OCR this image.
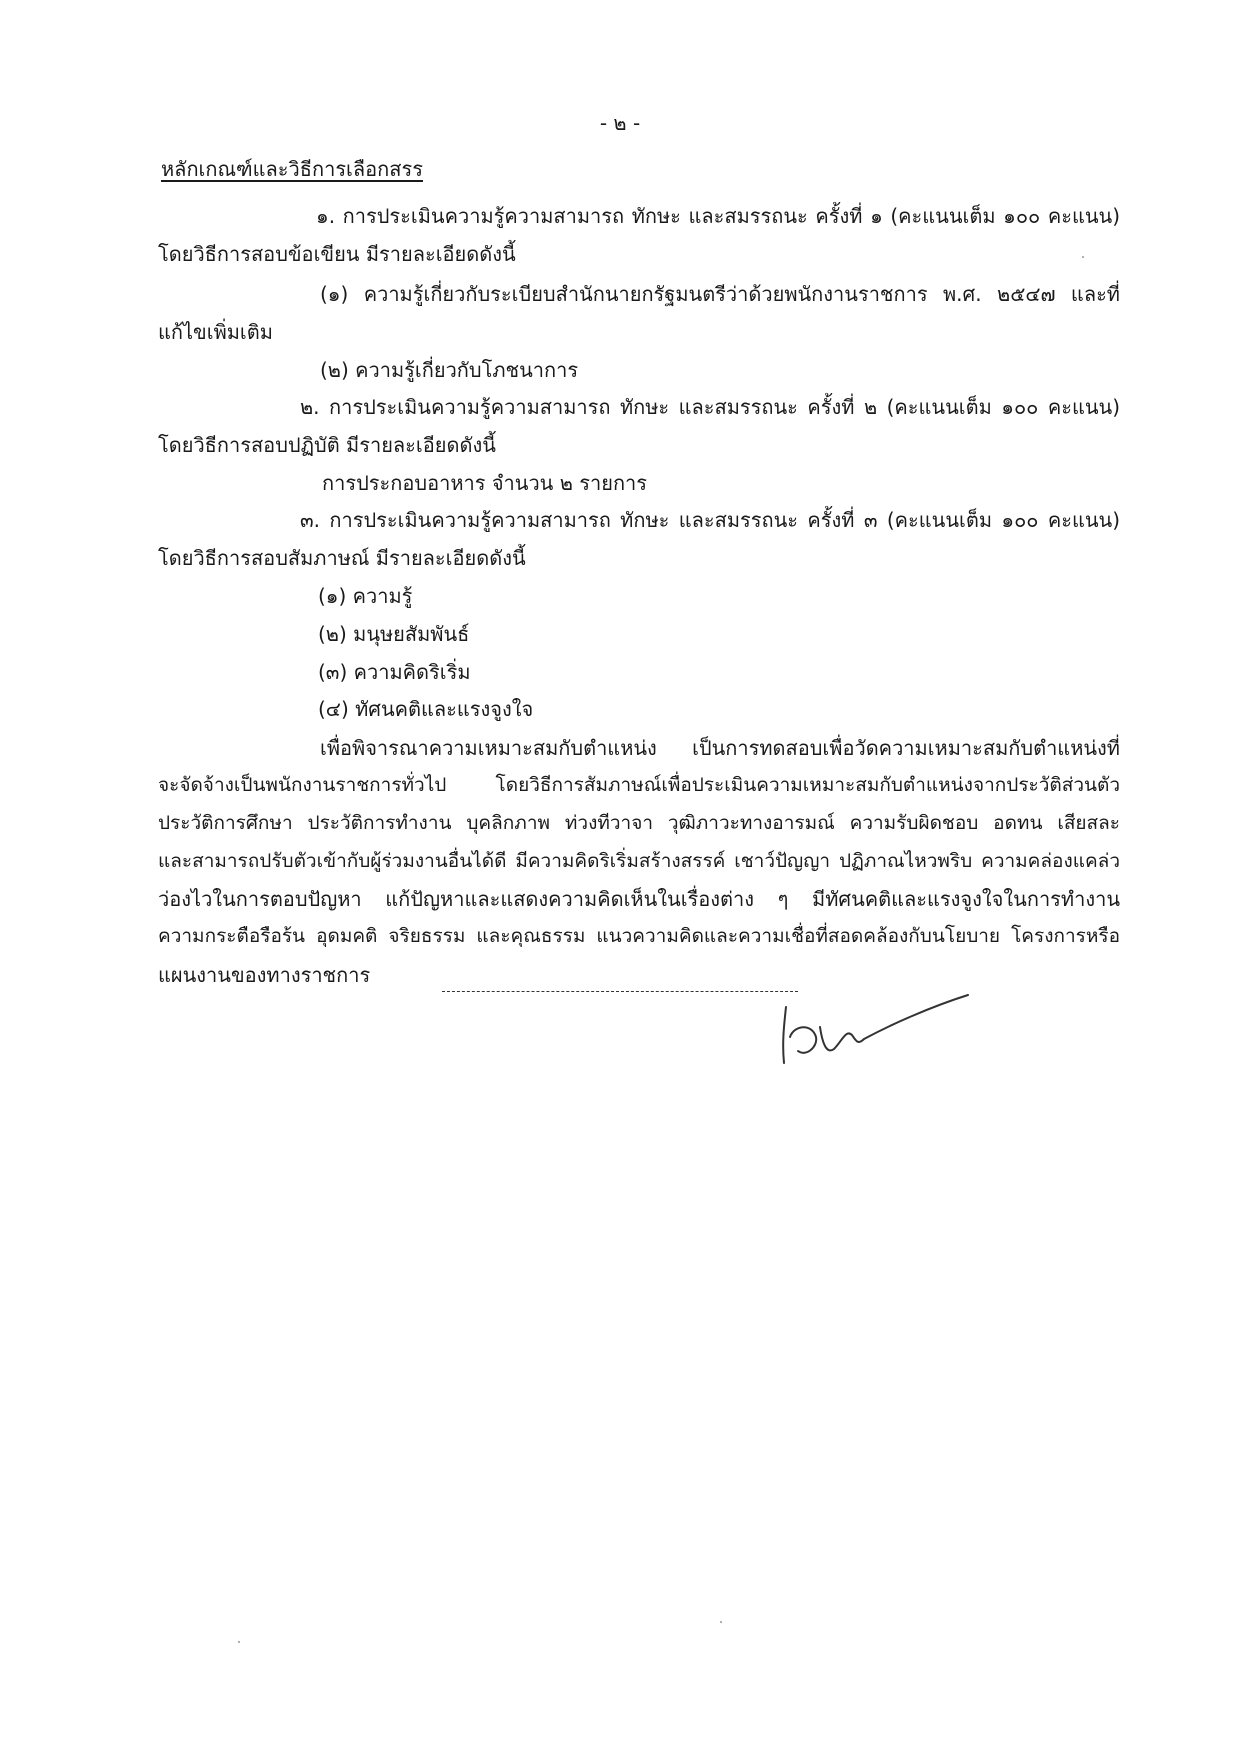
- ๒ -
หลักเกณฑ์และวิธีการเลือกสรร
๑. การประเมินความรู้ความสามารถ ทักษะ และสมรรถนะ ครั้งที่ ๑ (คะแนนเต็ม ๑๐๐ คะแนน)
โดยวิธีการสอบข้อเขียน มีรายละเอียดดังนี้
(๑) ความรู้เกี่ยวกับระเบียบสำนักนายกรัฐมนตรีว่าด้วยพนักงานราชการ พ.ศ. ๒๕๔๗ และที่
แก้ไขเพิ่มเติม
(๒) ความรู้เกี่ยวกับโภชนาการ
๒. การประเมินความรู้ความสามารถ ทักษะ และสมรรถนะ ครั้งที่ ๒ (คะแนนเต็ม ๑๐๐ คะแนน)
โดยวิธีการสอบปฏิบัติ มีรายละเอียดดังนี้
การประกอบอาหาร จำนวน ๒ รายการ
๓. การประเมินความรู้ความสามารถ ทักษะ และสมรรถนะ ครั้งที่ ๓ (คะแนนเต็ม ๑๐๐ คะแนน)
โดยวิธีการสอบสัมภาษณ์ มีรายละเอียดดังนี้
(๑) ความรู้
(๒) มนุษยสัมพันธ์
(๓) ความคิดริเริ่ม
(๔) ทัศนคติและแรงจูงใจ
เพื่อพิจารณาความเหมาะสมกับตำแหน่ง เป็นการทดสอบเพื่อวัดความเหมาะสมกับตำแหน่งที่
จะจัดจ้างเป็นพนักงานราชการทั่วไป โดยวิธีการสัมภาษณ์เพื่อประเมินความเหมาะสมกับตำแหน่งจากประวัติส่วนตัว
ประวัติการศึกษา ประวัติการทำงาน บุคลิกภาพ ท่วงทีวาจา วุฒิภาวะทางอารมณ์ ความรับผิดชอบ อดทน เสียสละ
และสามารถปรับตัวเข้ากับผู้ร่วมงานอื่นได้ดี มีความคิดริเริ่มสร้างสรรค์ เชาว์ปัญญา ปฏิภาณไหวพริบ ความคล่องแคล่ว
ว่องไวในการตอบปัญหา แก้ปัญหาและแสดงความคิดเห็นในเรื่องต่าง ๆ มีทัศนคติและแรงจูงใจในการทำงาน
ความกระตือรือร้น อุดมคติ จริยธรรม และคุณธรรม แนวความคิดและความเชื่อที่สอดคล้องกับนโยบาย โครงการหรือ
แผนงานของทางราชการ
